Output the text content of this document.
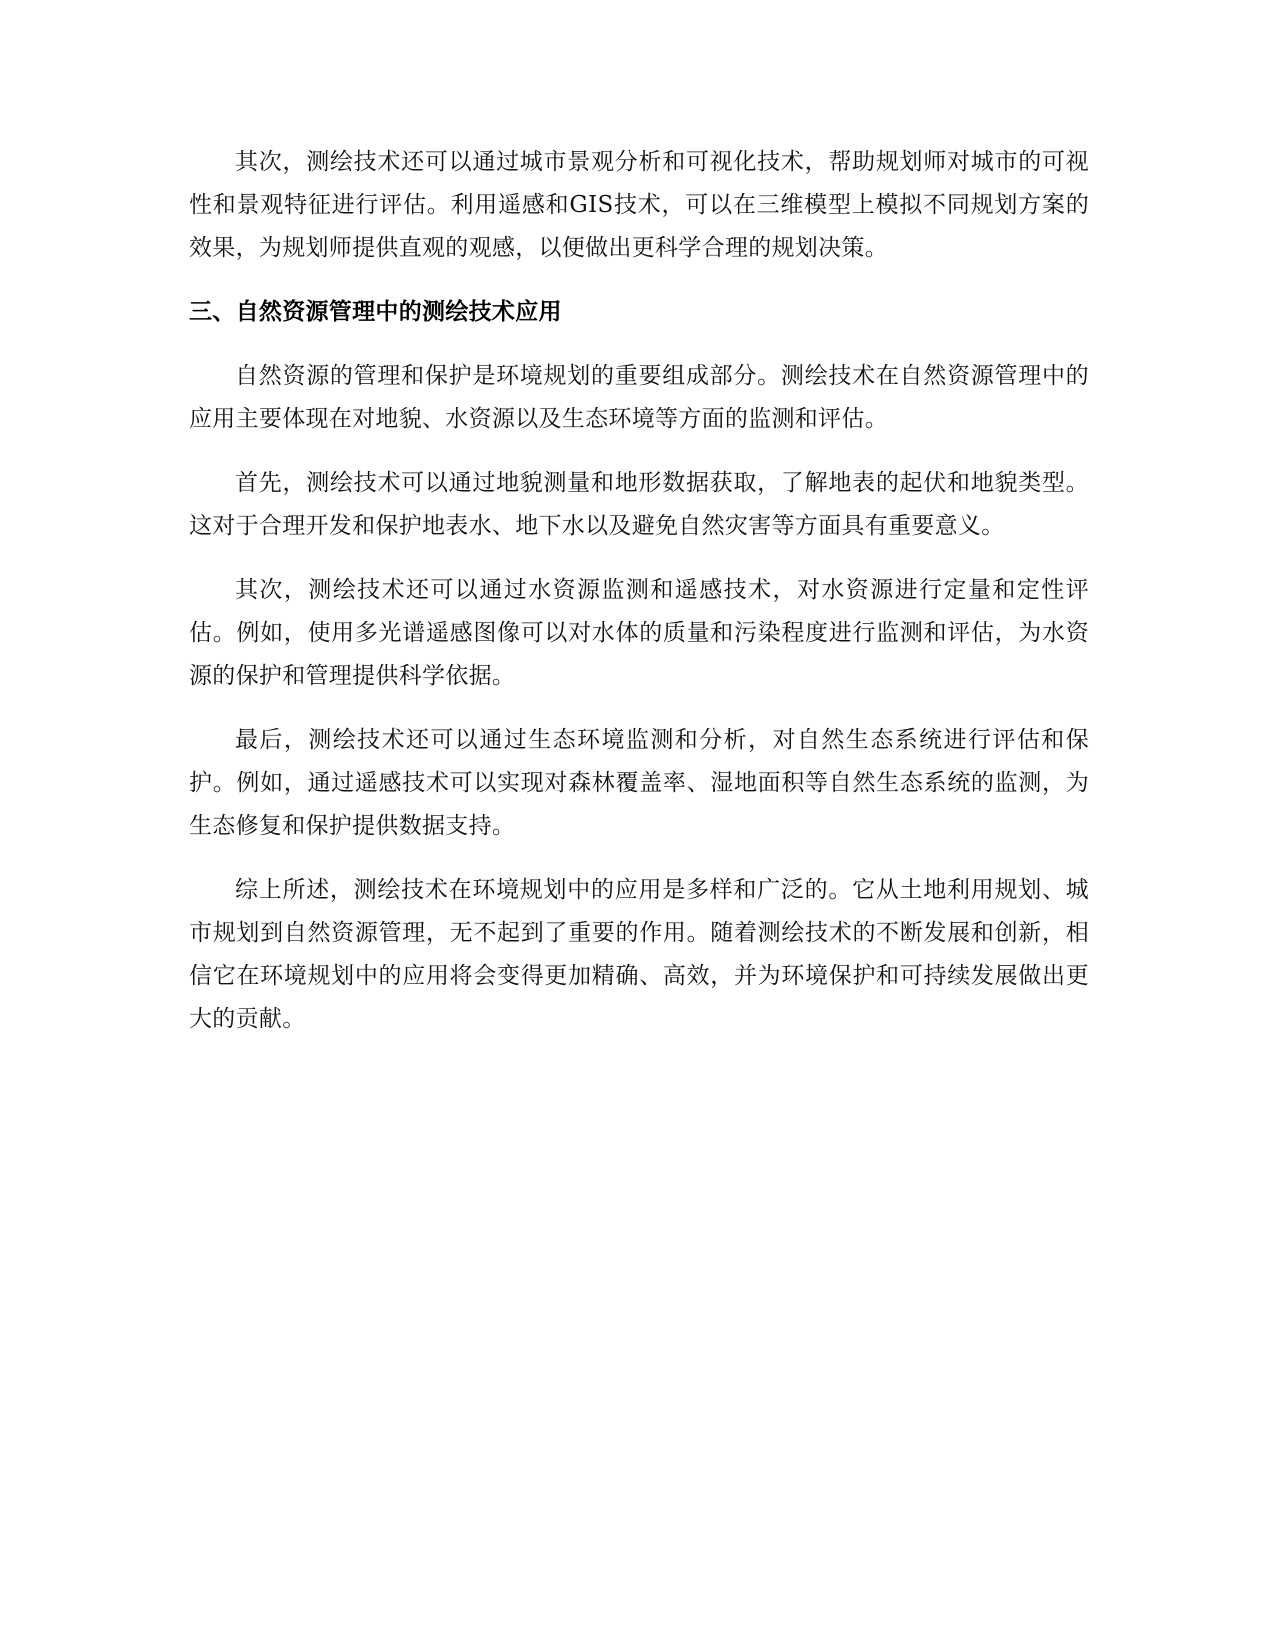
其次，测绘技术还可以通过城市景观分析和可视化技术，帮助规划师对城市的可视性和景观特征进行评估。利用遥感和GIS技术，可以在三维模型上模拟不同规划方案的效果，为规划师提供直观的观感，以便做出更科学合理的规划决策。

三、自然资源管理中的测绘技术应用

自然资源的管理和保护是环境规划的重要组成部分。测绘技术在自然资源管理中的应用主要体现在对地貌、水资源以及生态环境等方面的监测和评估。

首先，测绘技术可以通过地貌测量和地形数据获取，了解地表的起伏和地貌类型。这对于合理开发和保护地表水、地下水以及避免自然灾害等方面具有重要意义。

其次，测绘技术还可以通过水资源监测和遥感技术，对水资源进行定量和定性评估。例如，使用多光谱遥感图像可以对水体的质量和污染程度进行监测和评估，为水资源的保护和管理提供科学依据。

最后，测绘技术还可以通过生态环境监测和分析，对自然生态系统进行评估和保护。例如，通过遥感技术可以实现对森林覆盖率、湿地面积等自然生态系统的监测，为生态修复和保护提供数据支持。

综上所述，测绘技术在环境规划中的应用是多样和广泛的。它从土地利用规划、城市规划到自然资源管理，无不起到了重要的作用。随着测绘技术的不断发展和创新，相信它在环境规划中的应用将会变得更加精确、高效，并为环境保护和可持续发展做出更大的贡献。
